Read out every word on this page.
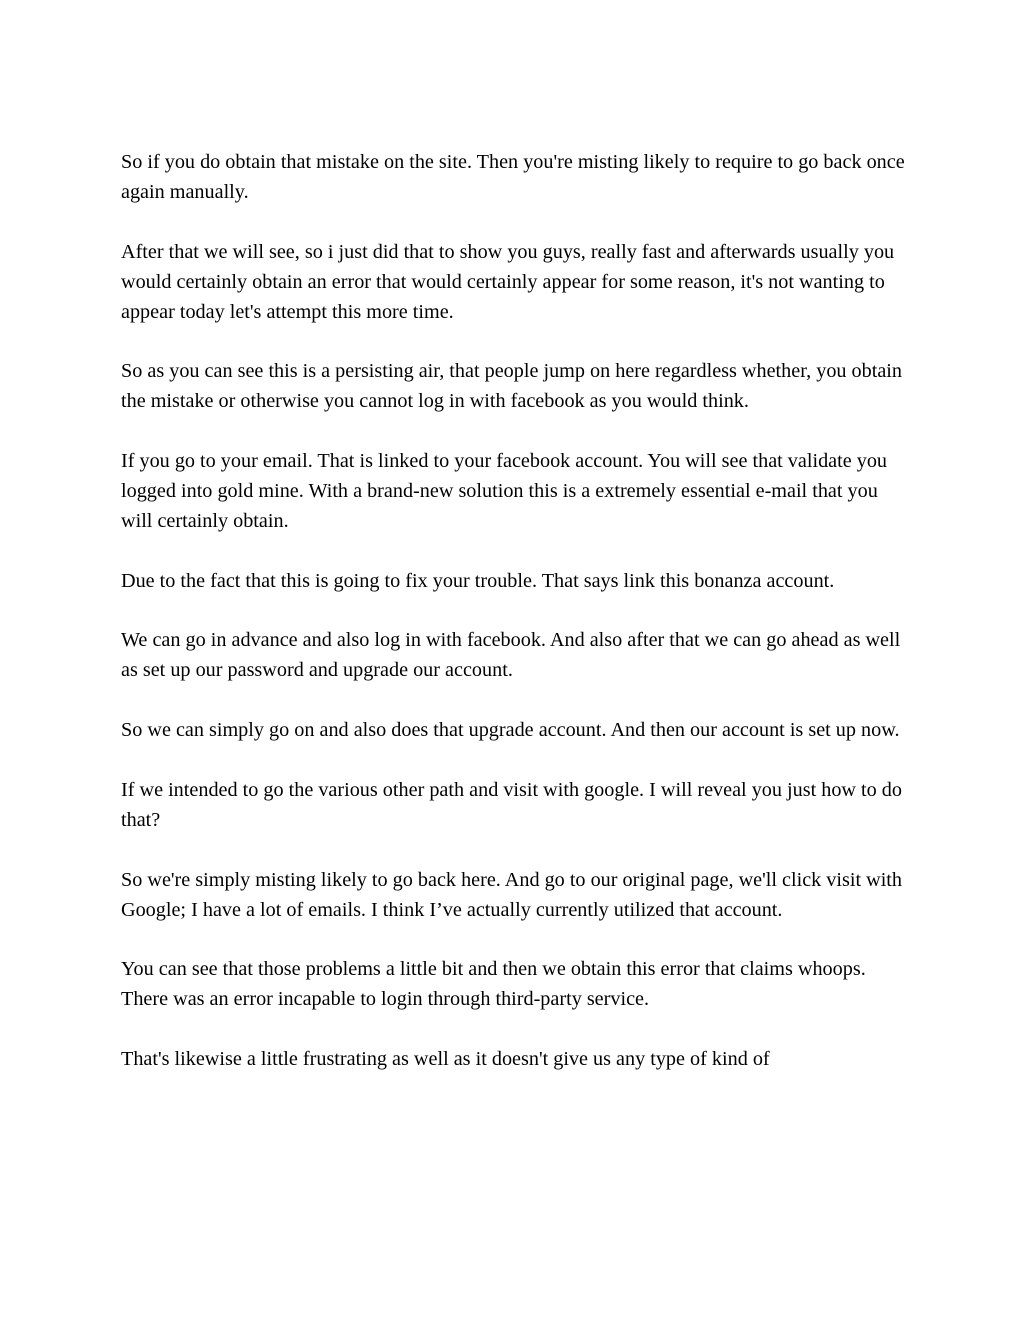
So if you do obtain that mistake on the site. Then you're misting likely to require to go back once again manually.

After that we will see, so i just did that to show you guys, really fast and afterwards usually you would certainly obtain an error that would certainly appear for some reason, it's not wanting to appear today let's attempt this more time.

So as you can see this is a persisting air, that people jump on here regardless whether, you obtain the mistake or otherwise you cannot log in with facebook as you would think.

If you go to your email. That is linked to your facebook account. You will see that validate you logged into gold mine. With a brand-new solution this is a extremely essential e-mail that you will certainly obtain.

Due to the fact that this is going to fix your trouble. That says link this bonanza account.

We can go in advance and also log in with facebook. And also after that we can go ahead as well as set up our password and upgrade our account.

So we can simply go on and also does that upgrade account. And then our account is set up now.

If we intended to go the various other path and visit with google. I will reveal you just how to do that?

So we're simply misting likely to go back here. And go to our original page, we'll click visit with Google; I have a lot of emails. I think I’ve actually currently utilized that account.

You can see that those problems a little bit and then we obtain this error that claims whoops. There was an error incapable to login through third-party service.

That's likewise a little frustrating as well as it doesn't give us any type of kind of
